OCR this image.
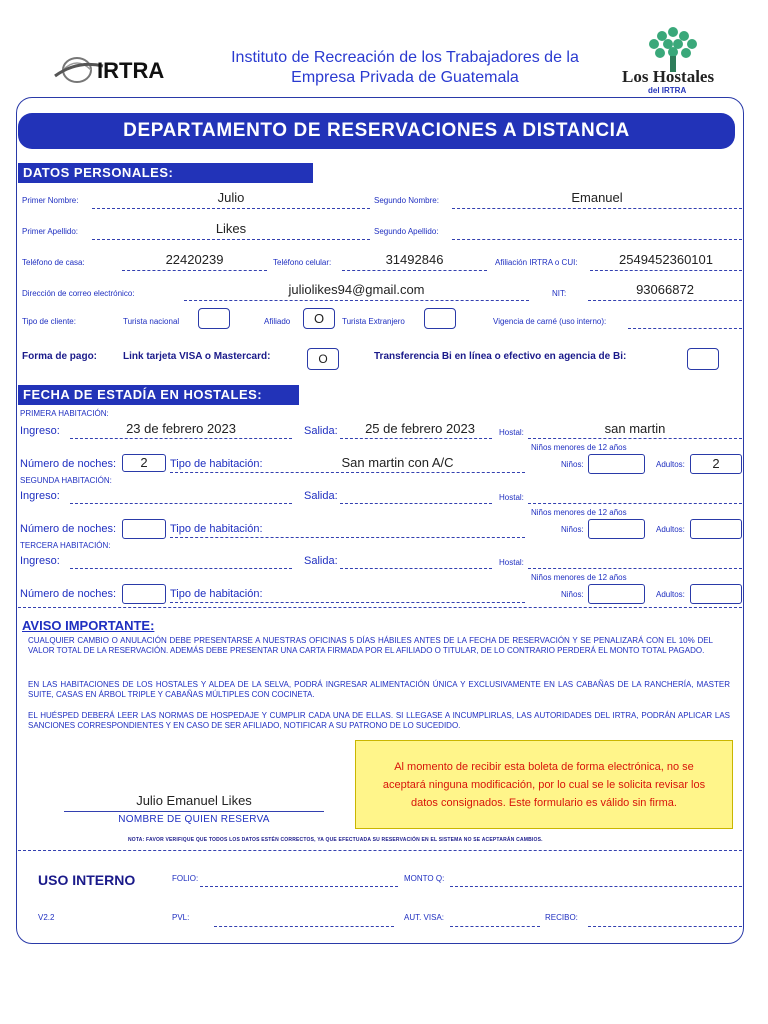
IRTRA
Instituto de Recreación de los Trabajadores de la
Empresa Privada de Guatemala	Los Hostales
del IRTRA
DEPARTAMENTO DE RESERVACIONES A DISTANCIA
DATOS PERSONALES:
Primer Nombre:	Julio	Segundo Nombre:	Emanuel
Primer Apellido:	Likes	Segundo Apellido:
Teléfono de casa:	22420239	Teléfono celular:	31492846	Afiliación IRTRA o CUI:	2549452360101
Dirección de correo electrónico:	juliolikes94@gmail.com	NIT:	93066872
Tipo de cliente:	Turista nacional	Afiliado	O	Turista Extranjero	Vigencia de carné (uso interno):
Forma de pago:	Link tarjeta VISA o Mastercard:	O	Transferencia Bi en línea o efectivo en agencia de Bi:
FECHA DE ESTADÍA EN HOSTALES:
PRIMERA HABITACIÓN:
Ingreso:	23 de febrero 2023	Salida:	25 de febrero 2023	Hostal:	san martin
Niños menores de 12 años
Número de noches:	2	Tipo de habitación:	San martin con A/C	Niños:	Adultos:	2
SEGUNDA HABITACIÓN:
Ingreso:	Salida:	Hostal:
Niños menores de 12 años
Número de noches:	Tipo de habitación:	Niños:	Adultos:
TERCERA HABITACIÓN:
Ingreso:	Salida:	Hostal:
Niños menores de 12 años
Número de noches:	Tipo de habitación:	Niños:	Adultos:
AVISO IMPORTANTE:
CUALQUIER CAMBIO O ANULACIÓN DEBE PRESENTARSE A NUESTRAS OFICINAS 5 DÍAS HÁBILES ANTES DE LA FECHA DE RESERVACIÓN Y SE PENALIZARÁ CON EL 10% DEL VALOR TOTAL DE LA RESERVACIÓN. ADEMÁS DEBE PRESENTAR UNA CARTA FIRMADA POR EL AFILIADO O TITULAR, DE LO CONTRARIO PERDERÁ EL MONTO TOTAL PAGADO.
EN LAS HABITACIONES DE LOS HOSTALES Y ALDEA DE LA SELVA, PODRÁ INGRESAR ALIMENTACIÓN ÚNICA Y EXCLUSIVAMENTE EN LAS CABAÑAS DE LA RANCHERÍA, MASTER SUITE, CASAS EN ÁRBOL TRIPLE Y CABAÑAS MÚLTIPLES CON COCINETA.
EL HUÉSPED DEBERÁ LEER LAS NORMAS DE HOSPEDAJE Y CUMPLIR CADA UNA DE ELLAS. SI LLEGASE A INCUMPLIRLAS, LAS AUTORIDADES DEL IRTRA, PODRÁN APLICAR LAS SANCIONES CORRESPONDIENTES Y EN CASO DE SER AFILIADO, NOTIFICAR A SU PATRONO DE LO SUCEDIDO.
Al momento de recibir esta boleta de forma electrónica, no se aceptará ninguna modificación, por lo cual se le solicita revisar los datos consignados. Este formulario es válido sin firma.
Julio Emanuel Likes
NOMBRE DE QUIEN RESERVA
NOTA: FAVOR VERIFIQUE QUE TODOS LOS DATOS ESTÉN CORRECTOS, YA QUE EFECTUADA SU RESERVACIÓN EN EL SISTEMA NO SE ACEPTARÁN CAMBIOS.
USO INTERNO	FOLIO:	MONTO Q:
V2.2	PVL:	AUT. VISA:	RECIBO:
